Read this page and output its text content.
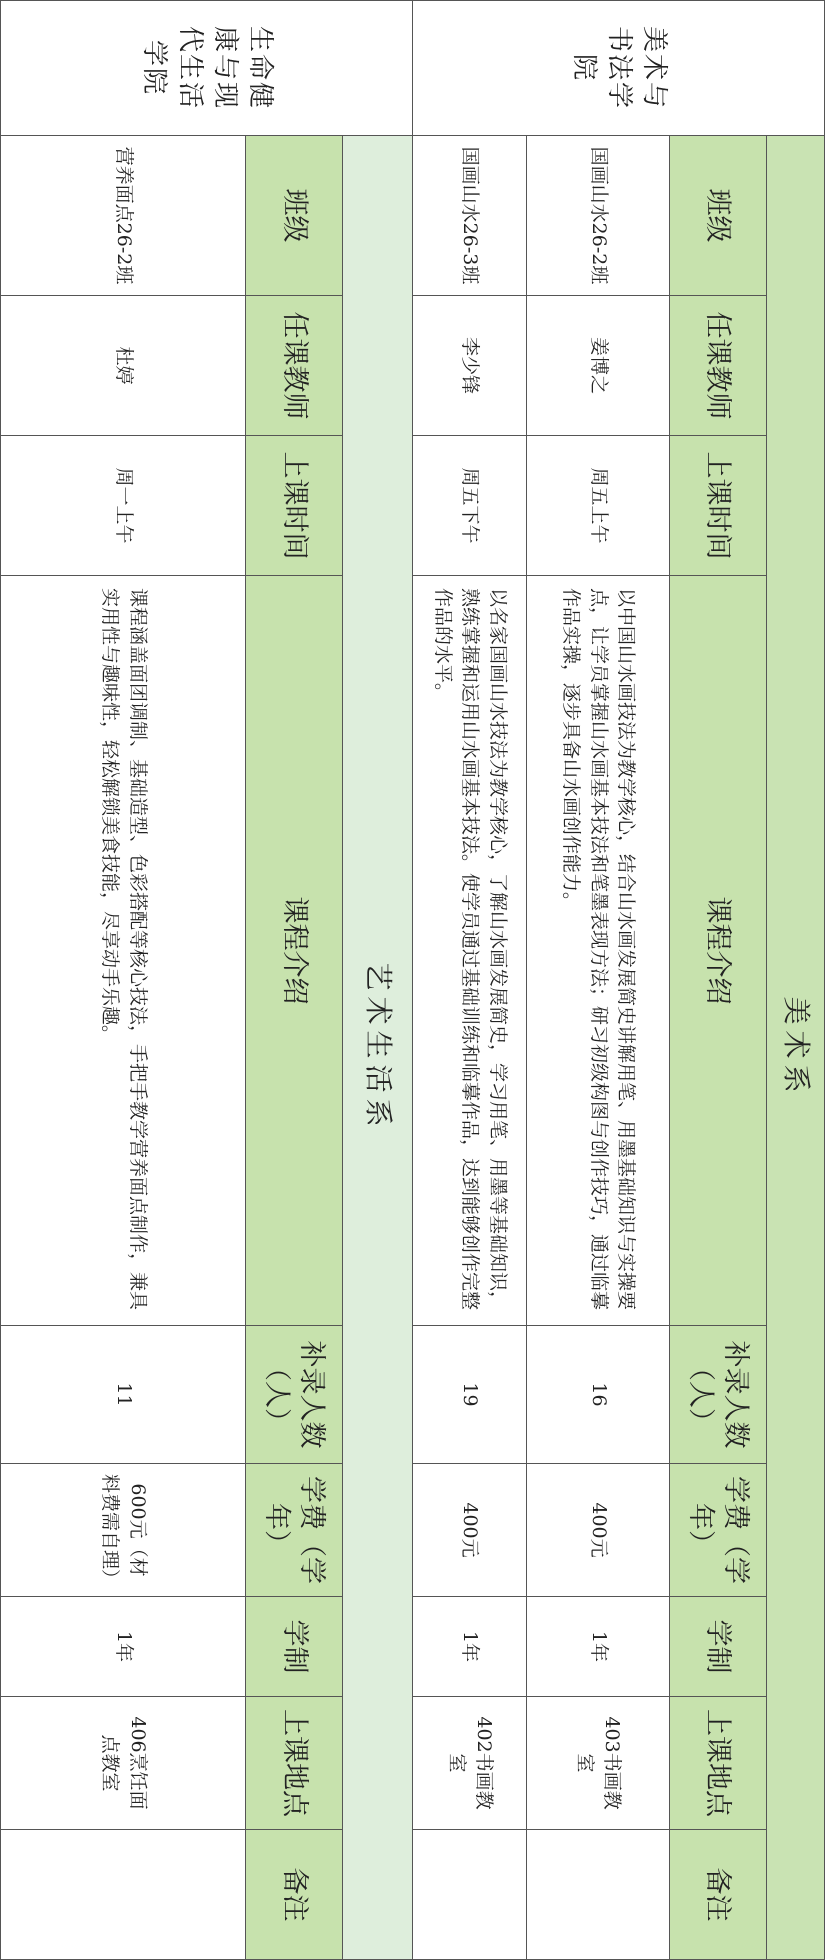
美术与书法学院	美术系								
	班级	任课教师	上课时间	课程介绍	补录人数（人）	学费（学年）	学制	上课地点	备注
	国画山水26-2班	姜博之	周五上午	以中国山水画技法为教学核心，结合山水画发展简史讲解用笔、用墨基础知识与实操要点，让学员掌握山水画基本技法和笔墨表现方法；研习初级构图与创作技巧，通过临摹作品实操，逐步具备山水画创作能力。	16	400元	1年	403书画教室	
	国画山水26-3班	李少锋	周五下午	以名家国画山水技法为教学核心，了解山水画发展简史，学习用笔、用墨等基础知识，熟练掌握和运用山水画基本技法。使学员通过基础训练和临摹作品，达到能够创作完整作品的水平。	19	400元	1年	402书画教室	
生命健康与现代生活学院	艺术生活系								
	班级	任课教师	上课时间	课程介绍	补录人数（人）	学费（学年）	学制	上课地点	备注
	营养面点26-2班	杜婷	周一上午	课程涵盖面团调制、基础造型、色彩搭配等核心技法，手把手教学营养面点制作，兼具实用性与趣味性，轻松解锁美食技能，尽享动手乐趣。	11	600元（材料费需自理）	1年	406烹饪面点教室	
